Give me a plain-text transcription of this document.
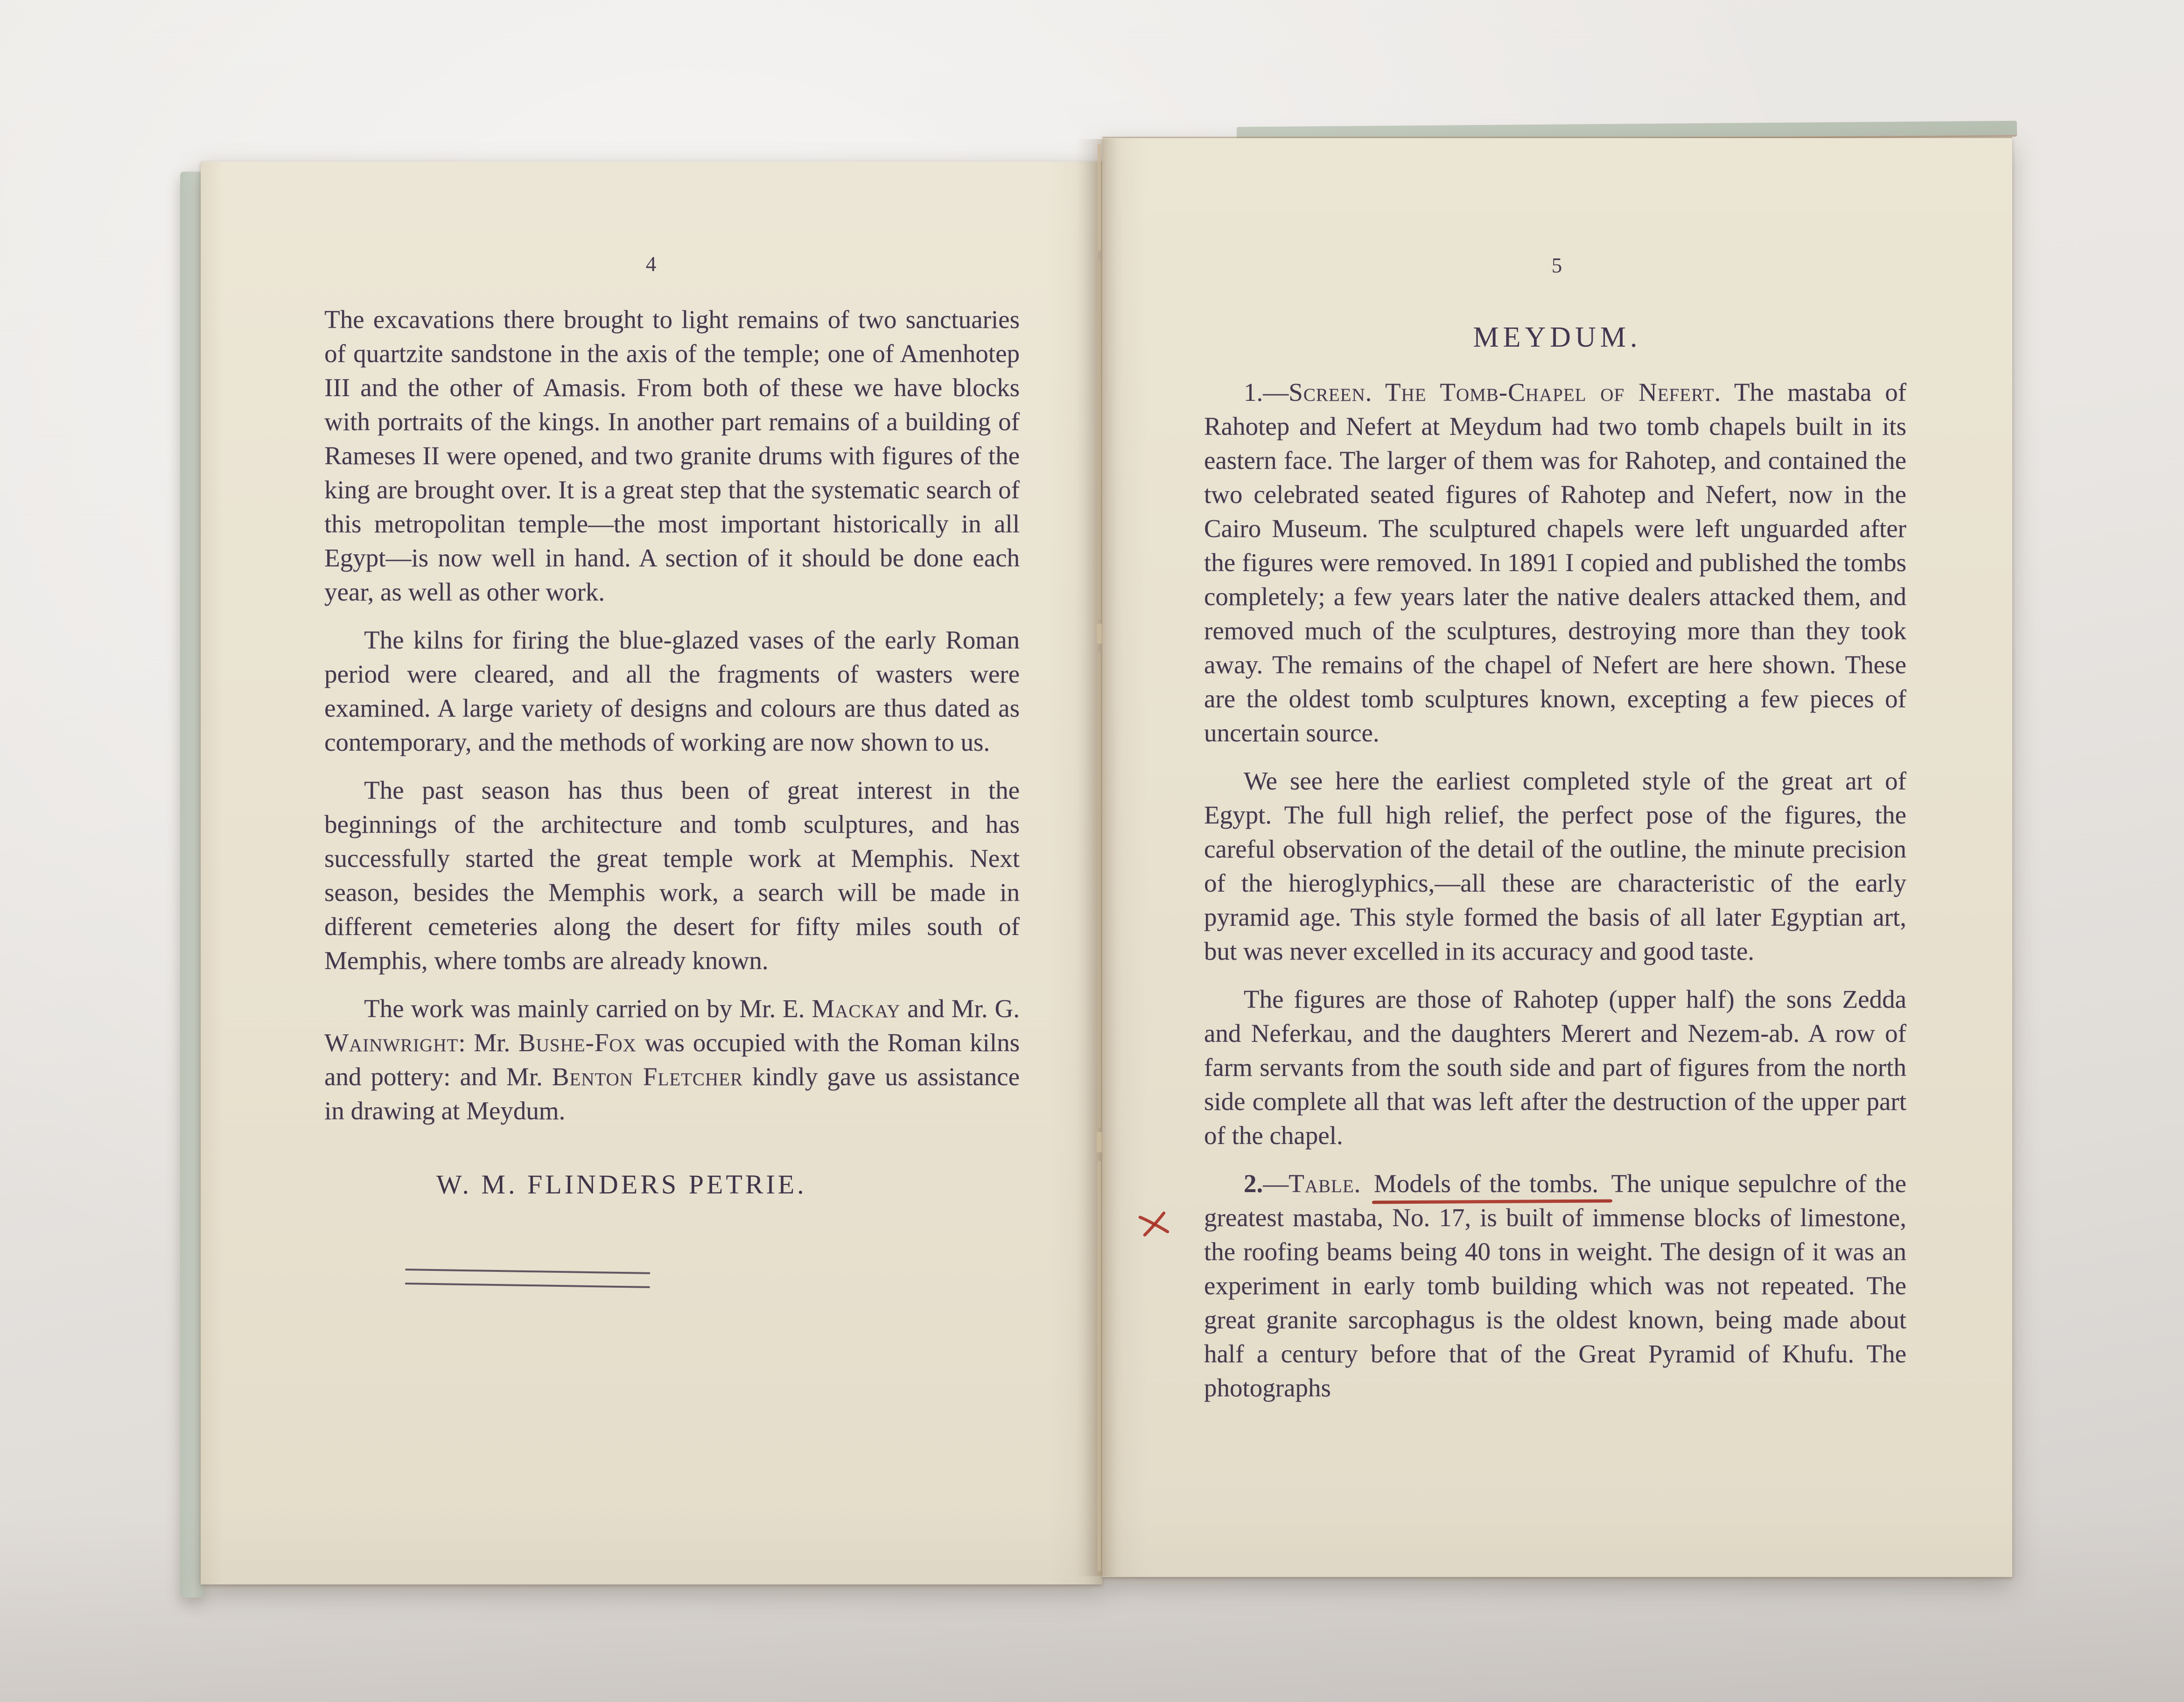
4

The excavations there brought to light remains of two sanctuaries of quartzite sandstone in the axis of the temple; one of Amenhotep III and the other of Amasis. From both of these we have blocks with portraits of the kings. In another part remains of a building of Rameses II were opened, and two granite drums with figures of the king are brought over. It is a great step that the systematic search of this metropolitan temple—the most important historically in all Egypt—is now well in hand. A section of it should be done each year, as well as other work.

The kilns for firing the blue-glazed vases of the early Roman period were cleared, and all the fragments of wasters were examined. A large variety of designs and colours are thus dated as contemporary, and the methods of working are now shown to us.

The past season has thus been of great interest in the beginnings of the architecture and tomb sculptures, and has successfully started the great temple work at Memphis. Next season, besides the Memphis work, a search will be made in different cemeteries along the desert for fifty miles south of Memphis, where tombs are already known.

The work was mainly carried on by Mr. E. Mackay and Mr. G. Wainwright: Mr. Bushe-Fox was occupied with the Roman kilns and pottery: and Mr. Benton Fletcher kindly gave us assistance in drawing at Meydum.

W. M. FLINDERS PETRIE.
5
MEYDUM.

1.—Screen.  The Tomb-Chapel of Nefert. The mastaba of Rahotep and Nefert at Meydum had two tomb chapels built in its eastern face. The larger of them was for Rahotep, and contained the two celebrated seated figures of Rahotep and Nefert, now in the Cairo Museum. The sculptured chapels were left unguarded after the figures were removed. In 1891 I copied and published the tombs completely; a few years later the native dealers attacked them, and removed much of the sculptures, destroying more than they took away. The remains of the chapel of Nefert are here shown. These are the oldest tomb sculptures known, excepting a few pieces of uncertain source.

We see here the earliest completed style of the great art of Egypt. The full high relief, the perfect pose of the figures, the careful observation of the detail of the outline, the minute precision of the hieroglyphics,—all these are characteristic of the early pyramid age. This style formed the basis of all later Egyptian art, but was never excelled in its accuracy and good taste.

The figures are those of Rahotep (upper half) the sons Zedda and Neferkau, and the daughters Merert and Nezem-ab. A row of farm servants from the south side and part of figures from the north side complete all that was left after the destruction of the upper part of the chapel.

2.—Table.  Models of the tombs. The unique sepulchre of the greatest mastaba, No. 17, is built of immense blocks of limestone, the roofing beams being 40 tons in weight. The design of it was an experiment in early tomb building which was not repeated. The great granite sarcophagus is the oldest known, being made about half a century before that of the Great Pyramid of Khufu. The photographs
